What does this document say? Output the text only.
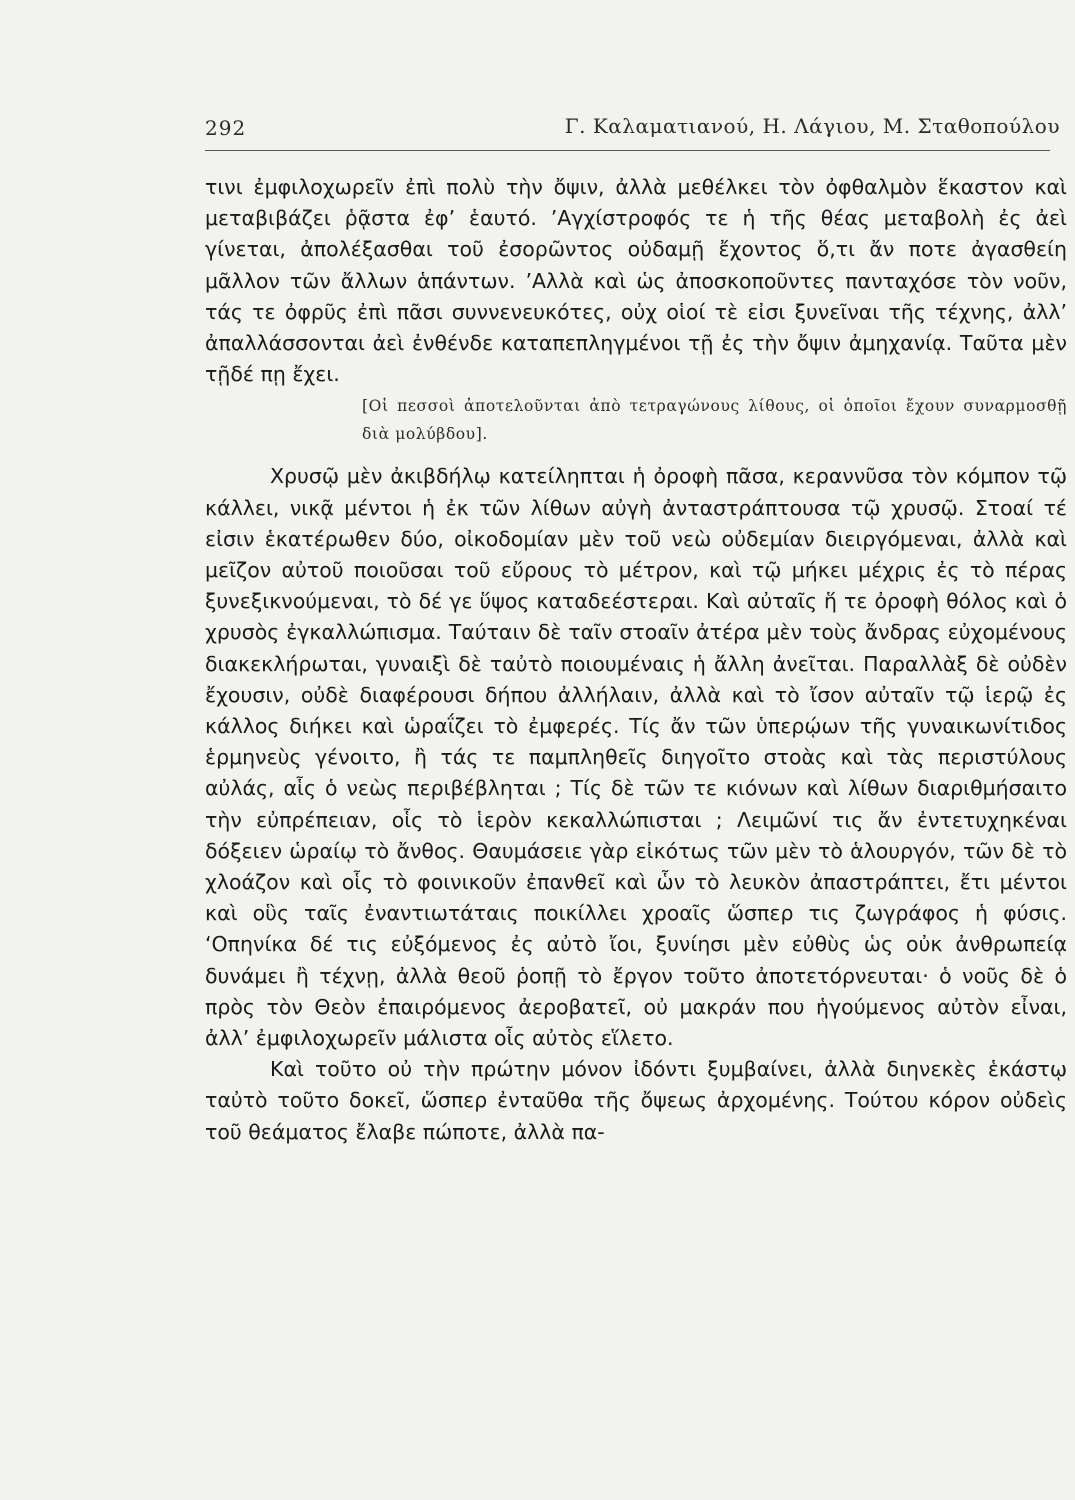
292	Γ. Καλαματιανού, Η. Λάγιου, Μ. Σταθοπούλου

τινι ἐμφιλοχωρεῖν ἐπὶ πολὺ τὴν ὄψιν, ἀλλὰ μεθέλκει τὸν ὀφθαλμὸν ἕκαστον καὶ μεταβιβάζει ῥᾷστα ἐφ’ ἑαυτό. ’Αγχίστροφός τε ἡ τῆς θέας μεταβολὴ ἐς ἀεὶ γίνεται, ἀπολέξασθαι τοῦ ἐσορῶντος οὐδαμῇ ἔχοντος ὅ,τι ἄν ποτε ἀγασθείη μᾶλλον τῶν ἄλλων ἁπάντων. ’Αλλὰ καὶ ὡς ἀποσκοποῦντες πανταχόσε τὸν νοῦν, τάς τε ὀφρῦς ἐπὶ πᾶσι συννενευκότες, οὐχ οἱοί τὲ εἰσι ξυνεῖναι τῆς τέχνης, ἀλλ’ ἀπαλλάσσονται ἀεὶ ἐνθένδε καταπεπληγμένοι τῇ ἐς τὴν ὄψιν ἀμηχανίᾳ. Ταῦτα μὲν τῇδέ πῃ ἔχει.

[Οἱ πεσσοὶ ἀποτελοῦνται ἀπὸ τετραγώνους λίθους, οἱ ὁποῖοι ἔχουν συναρμοσθῇ διὰ μολύβδου].

Χρυσῷ μὲν ἀκιβδήλῳ κατείληπται ἡ ὀροφὴ πᾶσα, κεραννῦσα τὸν κόμπον τῷ κάλλει, νικᾷ μέντοι ἡ ἐκ τῶν λίθων αὐγὴ ἀνταστράπτουσα τῷ χρυσῷ. Στοαί τέ εἰσιν ἑκατέρωθεν δύο, οἰκοδομίαν μὲν τοῦ νεὼ οὐδεμίαν διειργόμεναι, ἀλλὰ καὶ μεῖζον αὐτοῦ ποιοῦσαι τοῦ εὔρους τὸ μέτρον, καὶ τῷ μήκει μέχρις ἐς τὸ πέρας ξυνεξικνούμεναι, τὸ δέ γε ὕψος καταδεέστεραι. Καὶ αὐταῖς ἥ τε ὀροφὴ θόλος καὶ ὁ χρυσὸς ἐγκαλλώπισμα. Ταύταιν δὲ ταῖν στοαῖν ἀτέρα μὲν τοὺς ἄνδρας εὐχομένους διακεκλήρωται, γυναιξὶ δὲ ταὐτὸ ποιουμέναις ἡ ἄλλη ἀνεῖται. Παραλλὰξ δὲ οὐδὲν ἔχουσιν, οὐδὲ διαφέρουσι δήπου ἀλλήλαιν, ἀλλὰ καὶ τὸ ἴσον αὐταῖν τῷ ἱερῷ ἐς κάλλος διήκει καὶ ὡραΐζει τὸ ἐμφερές. Τίς ἄν τῶν ὑπερῴων τῆς γυναικωνίτιδος ἑρμηνεὺς γένοιτο, ἢ τάς τε παμπληθεῖς διηγοῖτο στοὰς καὶ τὰς περιστύλους αὐλάς, αἷς ὁ νεὼς περιβέβληται ; Τίς δὲ τῶν τε κιόνων καὶ λίθων διαριθμήσαιτο τὴν εὐπρέπειαν, οἷς τὸ ἱερὸν κεκαλλώπισται ; Λειμῶνί τις ἄν ἐντετυχηκέναι δόξειεν ὡραίῳ τὸ ἄνθος. Θαυμάσειε γὰρ εἰκότως τῶν μὲν τὸ ἁλουργόν, τῶν δὲ τὸ χλοάζον καὶ οἷς τὸ φοινικοῦν ἐπανθεῖ καὶ ὧν τὸ λευκὸν ἀπαστράπτει, ἔτι μέντοι καὶ οὓς ταῖς ἐναντιωτάταις ποικίλλει χροαῖς ὥσπερ τις ζωγράφος ἡ φύσις. ‘Οπηνίκα δέ τις εὐξόμενος ἐς αὐτὸ ἴοι, ξυνίησι μὲν εὐθὺς ὡς οὐκ ἀνθρωπείᾳ δυνάμει ἢ τέχνῃ, ἀλλὰ θεοῦ ῥοπῇ τὸ ἔργον τοῦτο ἀποτετόρνευται· ὁ νοῦς δὲ ὁ πρὸς τὸν Θεὸν ἐπαιρόμενος ἀεροβατεῖ, οὐ μακράν που ἡγούμενος αὐτὸν εἶναι, ἀλλ’ ἐμφιλοχωρεῖν μάλιστα οἷς αὐτὸς εἵλετο.

Καὶ τοῦτο οὐ τὴν πρώτην μόνον ἰδόντι ξυμβαίνει, ἀλλὰ διηνεκὲς ἑκάστῳ ταὐτὸ τοῦτο δοκεῖ, ὥσπερ ἐνταῦθα τῆς ὄψεως ἀρχομένης. Τούτου κόρον οὐδεὶς τοῦ θεάματος ἔλαβε πώποτε, ἀλλὰ πα-
